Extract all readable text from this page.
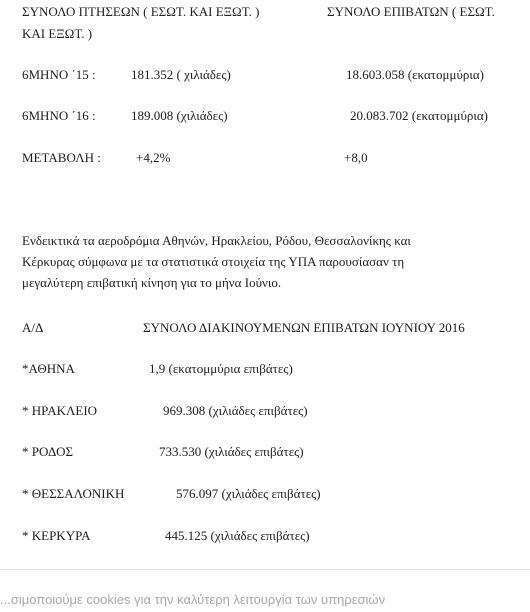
ΣΥΝΟΛΟ ΠΤΗΣΕΩΝ ( ΕΣΩΤ. ΚΑΙ ΕΞΩΤ. )	ΣΥΝΟΛΟ ΕΠΙΒΑΤΩΝ ( ΕΣΩΤ.
ΚΑΙ ΕΞΩΤ. )
6ΜΗΝΟ ΄15 :	181.352 ( χιλιάδες)	18.603.058 (εκατομμύρια)
6ΜΗΝΟ ΄16 :	189.008 (χιλιάδες)	20.083.702 (εκατομμύρια)
ΜΕΤΑΒΟΛΗ :	+4,2%	+8,0
Ενδεικτικά τα αεροδρόμια Αθηνών, Ηρακλείου, Ρόδου, Θεσσαλονίκης και
Κέρκυρας σύμφωνα με τα στατιστικά στοιχεία της ΥΠΑ παρουσίασαν τη
μεγαλύτερη επιβατική κίνηση για το μήνα Ιούνιο.
Α/Δ	ΣΥΝΟΛΟ ΔΙΑΚΙΝΟΥΜΕΝΩΝ ΕΠΙΒΑΤΩΝ ΙΟΥΝΙΟΥ 2016
*ΑΘΗΝΑ	1,9 (εκατομμύρια επιβάτες)
* ΗΡΑΚΛΕΙΟ	969.308 (χιλιάδες επιβάτες)
* ΡΟΔΟΣ	733.530 (χιλιάδες επιβάτες)
* ΘΕΣΣΑΛΟΝΙΚΗ	576.097 (χιλιάδες επιβάτες)
* ΚΕΡΚΥΡΑ	445.125 (χιλιάδες επιβάτες)
...σιμοποιούμε cookies για την καλύτερη λειτουργία των υπηρεσιών
